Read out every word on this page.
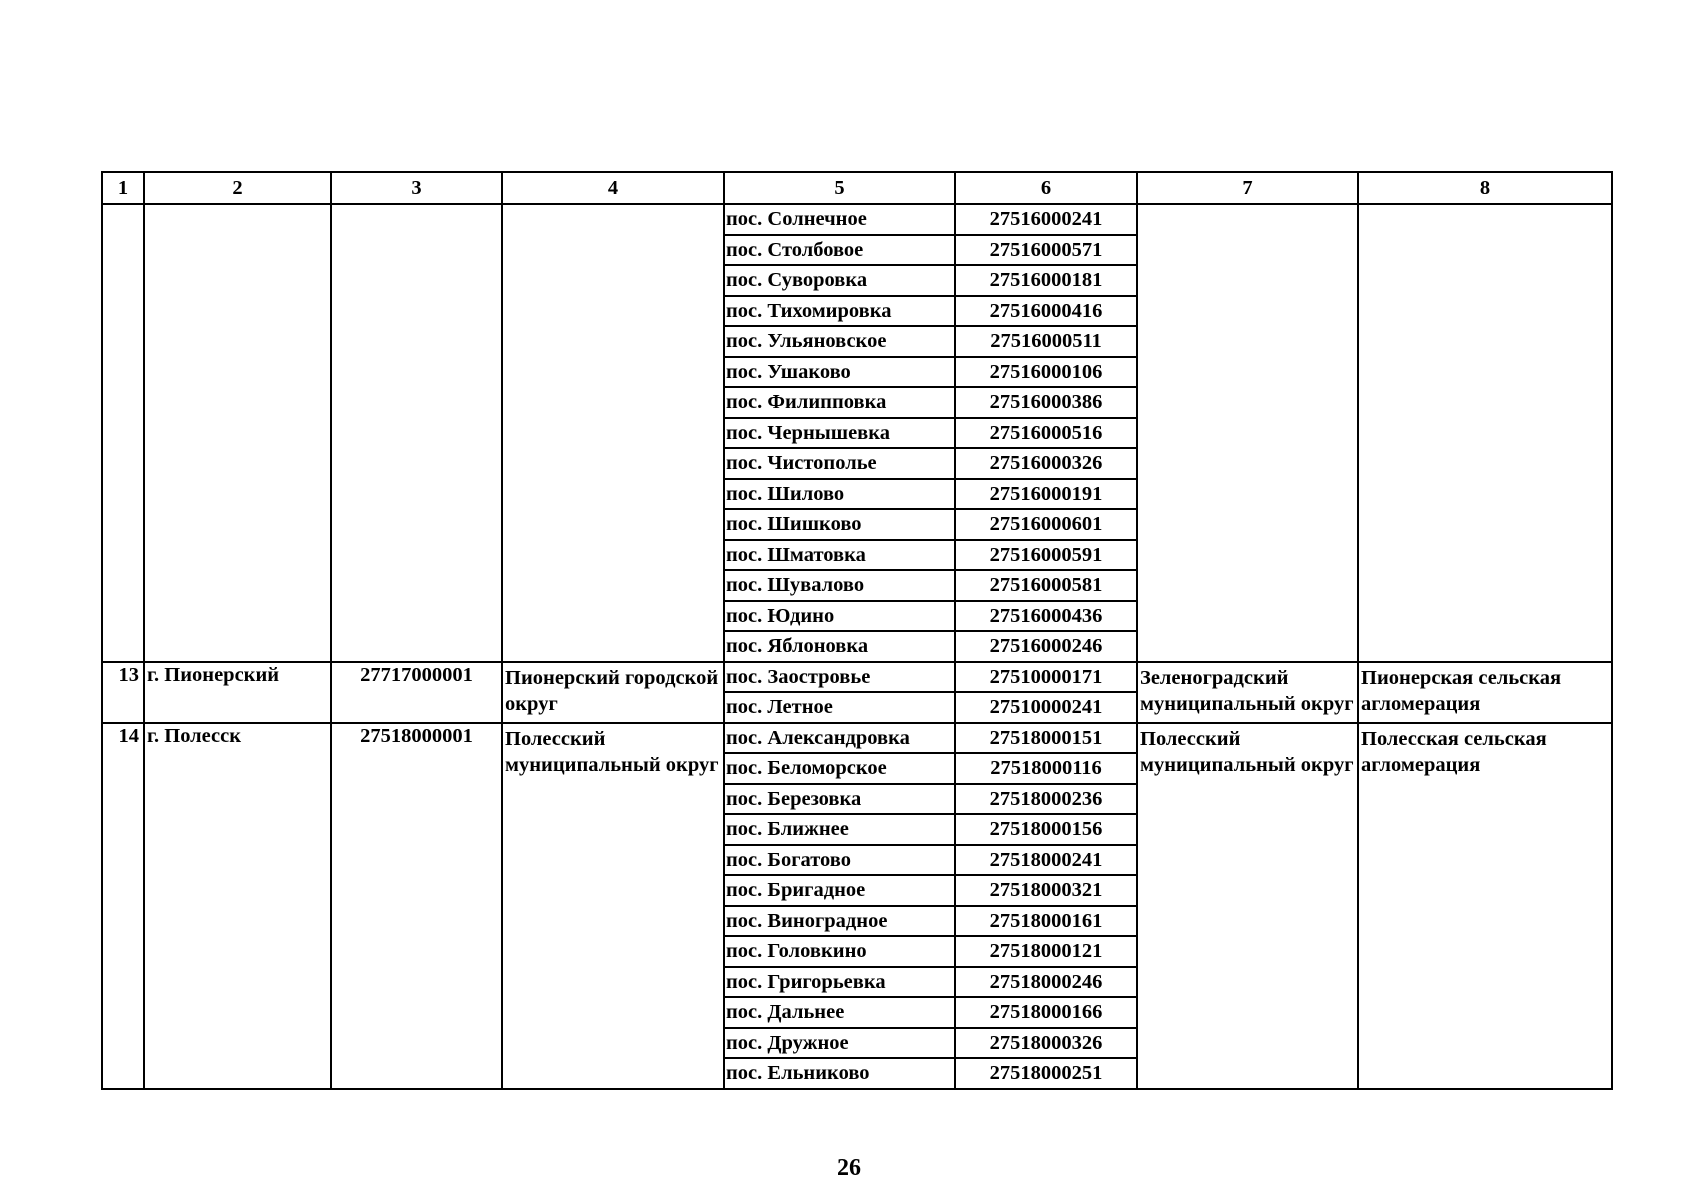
1	2	3	4	5	6	7	8
				пос. Солнечное	27516000241		
				пос. Столбовое	27516000571		
				пос. Суворовка	27516000181		
				пос. Тихомировка	27516000416		
				пос. Ульяновское	27516000511		
				пос. Ушаково	27516000106		
				пос. Филипповка	27516000386		
				пос. Чернышевка	27516000516		
				пос. Чистополье	27516000326		
				пос. Шилово	27516000191		
				пос. Шишково	27516000601		
				пос. Шматовка	27516000591		
				пос. Шувалово	27516000581		
				пос. Юдино	27516000436		
				пос. Яблоновка	27516000246		
13	г. Пионерский	27717000001	Пионерский городской округ	пос. Заостровье	27510000171	Зеленоградский муниципальный округ	Пионерская сельская агломерация
				пос. Летное	27510000241		
14	г. Полесск	27518000001	Полесский муниципальный округ	пос. Александровка	27518000151	Полесский муниципальный округ	Полесская сельская агломерация
				пос. Беломорское	27518000116		
				пос. Березовка	27518000236		
				пос. Ближнее	27518000156		
				пос. Богатово	27518000241		
				пос. Бригадное	27518000321		
				пос. Виноградное	27518000161		
				пос. Головкино	27518000121		
				пос. Григорьевка	27518000246		
				пос. Дальнее	27518000166		
				пос. Дружное	27518000326		
				пос. Ельниково	27518000251		
26
